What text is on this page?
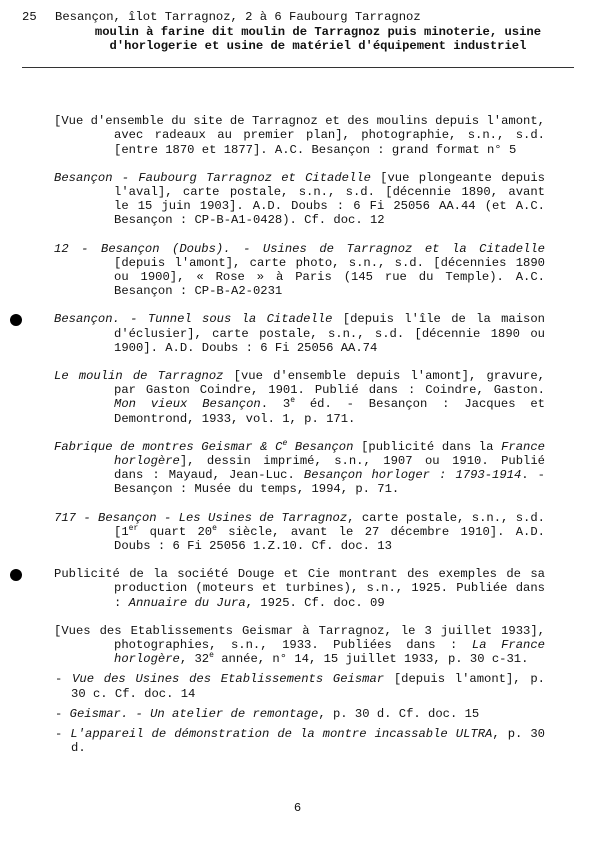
25	Besançon, îlot Tarragnoz, 2 à 6 Faubourg Tarragnoz
moulin à farine dit moulin de Tarragnoz puis minoterie, usine
d'horlogerie et usine de matériel d'équipement industriel

[Vue d'ensemble du site de Tarragnoz et des moulins depuis l'amont, avec radeaux au premier plan], photographie, s.n., s.d. [entre 1870 et 1877]. A.C. Besançon : grand format n° 5

Besançon - Faubourg Tarragnoz et Citadelle [vue plongeante depuis l'aval], carte postale, s.n., s.d. [décennie 1890, avant le 15 juin 1903]. A.D. Doubs : 6 Fi 25056 AA.44 (et A.C. Besançon : CP-B-A1-0428). Cf. doc. 12

12 - Besançon (Doubs). - Usines de Tarragnoz et la Citadelle [depuis l'amont], carte photo, s.n., s.d. [décennies 1890 ou 1900], « Rose » à Paris (145 rue du Temple). A.C. Besançon : CP-B-A2-0231

Besançon. - Tunnel sous la Citadelle [depuis l'île de la maison d'éclusier], carte postale, s.n., s.d. [décennie 1890 ou 1900]. A.D. Doubs : 6 Fi 25056 AA.74

Le moulin de Tarragnoz [vue d'ensemble depuis l'amont], gravure, par Gaston Coindre, 1901. Publié dans : Coindre, Gaston. Mon vieux Besançon. 3e éd. - Besançon : Jacques et Demontrond, 1933, vol. 1, p. 171.

Fabrique de montres Geismar & Ce Besançon [publicité dans la France horlogère], dessin imprimé, s.n., 1907 ou 1910. Publié dans : Mayaud, Jean-Luc. Besançon horloger : 1793-1914. - Besançon : Musée du temps, 1994, p. 71.

717 - Besançon - Les Usines de Tarragnoz, carte postale, s.n., s.d. [1er quart 20e siècle, avant le 27 décembre 1910]. A.D. Doubs : 6 Fi 25056 1.Z.10. Cf. doc. 13

Publicité de la société Douge et Cie montrant des exemples de sa production (moteurs et turbines), s.n., 1925. Publiée dans : Annuaire du Jura, 1925. Cf. doc. 09

[Vues des Etablissements Geismar à Tarragnoz, le 3 juillet 1933], photographies, s.n., 1933. Publiées dans : La France horlogère, 32e année, n° 14, 15 juillet 1933, p. 30 c-31.
- Vue des Usines des Etablissements Geismar [depuis l'amont], p. 30 c. Cf. doc. 14
- Geismar. - Un atelier de remontage, p. 30 d. Cf. doc. 15
- L'appareil de démonstration de la montre incassable ULTRA, p. 30 d.
6
